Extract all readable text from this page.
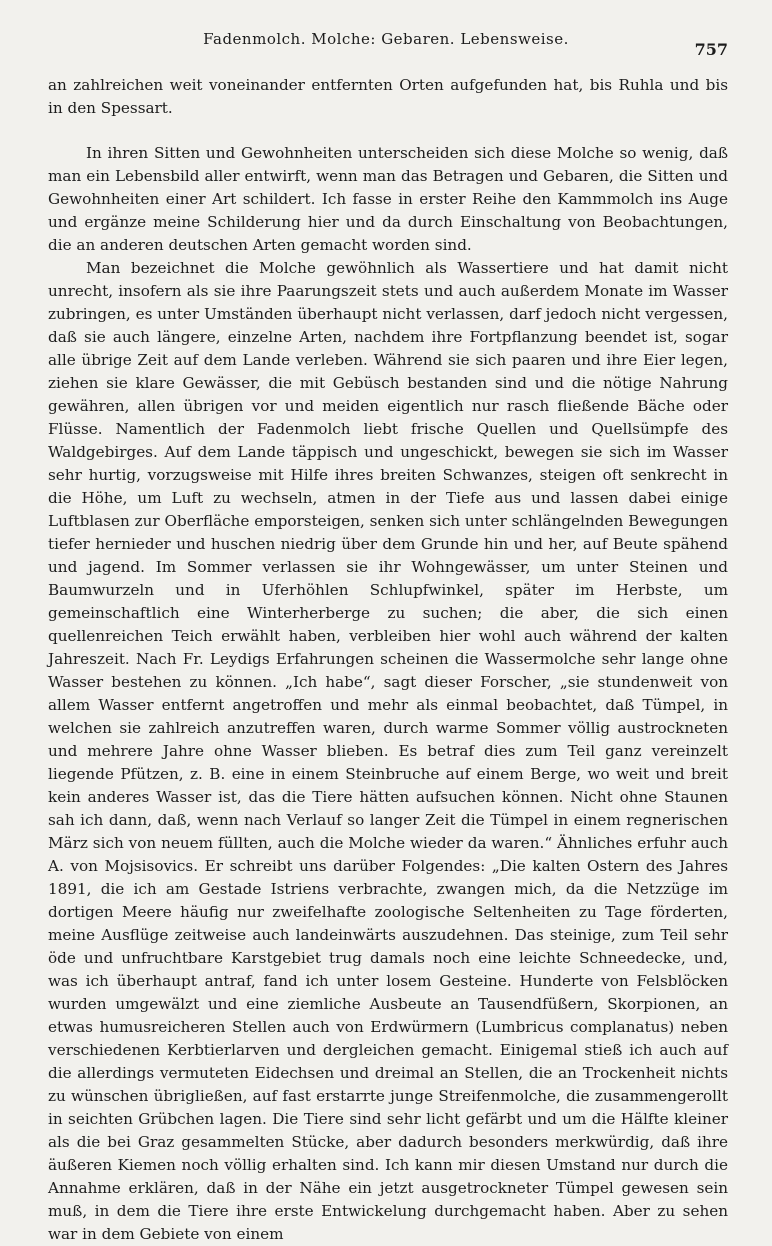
Fadenmolch. Molche: Gebaren. Lebensweise.
757

an zahlreichen weit voneinander entfernten Orten aufgefunden hat, bis Ruhla und bis in den Spessart.

In ihren Sitten und Gewohnheiten unterscheiden sich diese Molche so wenig, daß man ein Lebensbild aller entwirft, wenn man das Betragen und Gebaren, die Sitten und Gewohnheiten einer Art schildert. Ich fasse in erster Reihe den Kammmolch ins Auge und ergänze meine Schilderung hier und da durch Einschaltung von Beobachtungen, die an anderen deutschen Arten gemacht worden sind.

Man bezeichnet die Molche gewöhnlich als Wassertiere und hat damit nicht unrecht, insofern als sie ihre Paarungszeit stets und auch außerdem Monate im Wasser zubringen, es unter Umständen überhaupt nicht verlassen, darf jedoch nicht vergessen, daß sie auch längere, einzelne Arten, nachdem ihre Fortpflanzung beendet ist, sogar alle übrige Zeit auf dem Lande verleben. Während sie sich paaren und ihre Eier legen, ziehen sie klare Gewässer, die mit Gebüsch bestanden sind und die nötige Nahrung gewähren, allen übrigen vor und meiden eigentlich nur rasch fließende Bäche oder Flüsse. Namentlich der Fadenmolch liebt frische Quellen und Quellsümpfe des Waldgebirges. Auf dem Lande täppisch und ungeschickt, bewegen sie sich im Wasser sehr hurtig, vorzugsweise mit Hilfe ihres breiten Schwanzes, steigen oft senkrecht in die Höhe, um Luft zu wechseln, atmen in der Tiefe aus und lassen dabei einige Luftblasen zur Oberfläche emporsteigen, senken sich unter schlängelnden Bewegungen tiefer hernieder und huschen niedrig über dem Grunde hin und her, auf Beute spähend und jagend. Im Sommer verlassen sie ihr Wohngewässer, um unter Steinen und Baumwurzeln und in Uferhöhlen Schlupfwinkel, später im Herbste, um gemeinschaftlich eine Winterherberge zu suchen; die aber, die sich einen quellenreichen Teich erwählt haben, verbleiben hier wohl auch während der kalten Jahreszeit. Nach Fr. Leydigs Erfahrungen scheinen die Wassermolche sehr lange ohne Wasser bestehen zu können. „Ich habe“, sagt dieser Forscher, „sie stundenweit von allem Wasser entfernt angetroffen und mehr als einmal beobachtet, daß Tümpel, in welchen sie zahlreich anzutreffen waren, durch warme Sommer völlig austrockneten und mehrere Jahre ohne Wasser blieben. Es betraf dies zum Teil ganz vereinzelt liegende Pfützen, z. B. eine in einem Steinbruche auf einem Berge, wo weit und breit kein anderes Wasser ist, das die Tiere hätten aufsuchen können. Nicht ohne Staunen sah ich dann, daß, wenn nach Verlauf so langer Zeit die Tümpel in einem regnerischen März sich von neuem füllten, auch die Molche wieder da waren.“ Ähnliches erfuhr auch A. von Mojsisovics. Er schreibt uns darüber Folgendes: „Die kalten Ostern des Jahres 1891, die ich am Gestade Istriens verbrachte, zwangen mich, da die Netzzüge im dortigen Meere häufig nur zweifelhafte zoologische Seltenheiten zu Tage förderten, meine Ausflüge zeitweise auch landeinwärts auszudehnen. Das steinige, zum Teil sehr öde und unfruchtbare Karstgebiet trug damals noch eine leichte Schneedecke, und, was ich überhaupt antraf, fand ich unter losem Gesteine. Hunderte von Felsblöcken wurden umgewälzt und eine ziemliche Ausbeute an Tausendfüßern, Skorpionen, an etwas humusreicheren Stellen auch von Erdwürmern (Lumbricus complanatus) neben verschiedenen Kerbtierlarven und dergleichen gemacht. Einigemal stieß ich auch auf die allerdings vermuteten Eidechsen und dreimal an Stellen, die an Trockenheit nichts zu wünschen übrigließen, auf fast erstarrte junge Streifenmolche, die zusammengerollt in seichten Grübchen lagen. Die Tiere sind sehr licht gefärbt und um die Hälfte kleiner als die bei Graz gesammelten Stücke, aber dadurch besonders merkwürdig, daß ihre äußeren Kiemen noch völlig erhalten sind. Ich kann mir diesen Umstand nur durch die Annahme erklären, daß in der Nähe ein jetzt ausgetrockneter Tümpel gewesen sein muß, in dem die Tiere ihre erste Entwickelung durchgemacht haben. Aber zu sehen war in dem Gebiete von einem
